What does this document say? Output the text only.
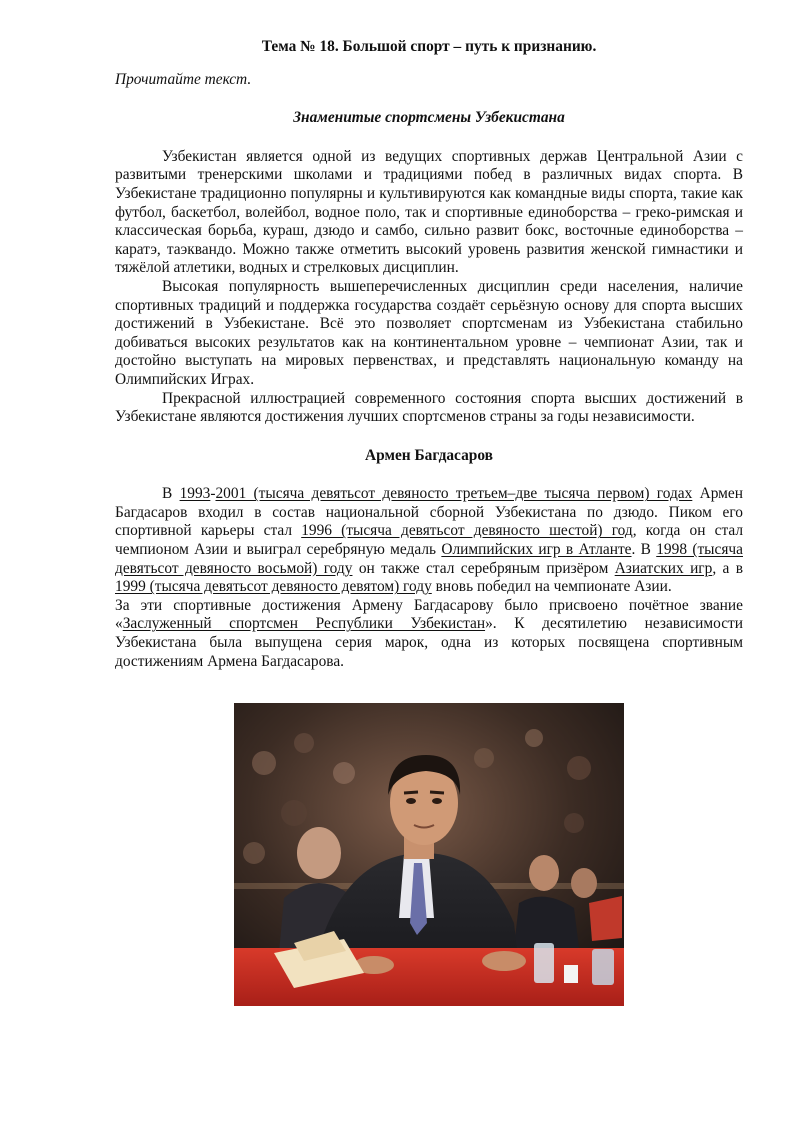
Тема № 18. Большой спорт – путь к признанию.

Прочитайте текст.

Знаменитые спортсмены Узбекистана

Узбекистан является одной из ведущих спортивных держав Центральной Азии с развитыми тренерскими школами и традициями побед в различных видах спорта. В Узбекистане традиционно популярны и культивируются как командные виды спорта, такие как футбол, баскетбол, волейбол, водное поло, так и спортивные единоборства – греко-римская и классическая борьба, кураш, дзюдо и самбо, сильно развит бокс, восточные единоборства – каратэ, таэквандо. Можно также отметить высокий уровень развития женской гимнастики и тяжёлой атлетики, водных и стрелковых дисциплин.

Высокая популярность вышеперечисленных дисциплин среди населения, наличие спортивных традиций и поддержка государства создаёт серьёзную основу для спорта высших достижений в Узбекистане. Всё это позволяет спортсменам из Узбекистана стабильно добиваться высоких результатов как на континентальном уровне – чемпионат Азии, так и достойно выступать на мировых первенствах, и представлять национальную команду на Олимпийских Играх.

Прекрасной иллюстрацией современного состояния спорта высших достижений в Узбекистане являются достижения лучших спортсменов страны за годы независимости.

Армен Багдасаров

В 1993-2001 (тысяча девятьсот девяносто третьем–две тысяча первом) годах Армен Багдасаров входил в состав национальной сборной Узбекистана по дзюдо. Пиком его спортивной карьеры стал 1996 (тысяча девятьсот девяносто шестой) год, когда он стал чемпионом Азии и выиграл серебряную медаль Олимпийских игр в Атланте. В 1998 (тысяча девятьсот девяносто восьмой) году он также стал серебряным призёром Азиатских игр, а в 1999 (тысяча девятьсот девяносто девятом) году вновь победил на чемпионате Азии.

За эти спортивные достижения Армену Багдасарову было присвоено почётное звание «Заслуженный спортсмен Республики Узбекистан». К десятилетию независимости Узбекистана была выпущена серия марок, одна из которых посвящена спортивным достижениям Армена Багдасарова.
